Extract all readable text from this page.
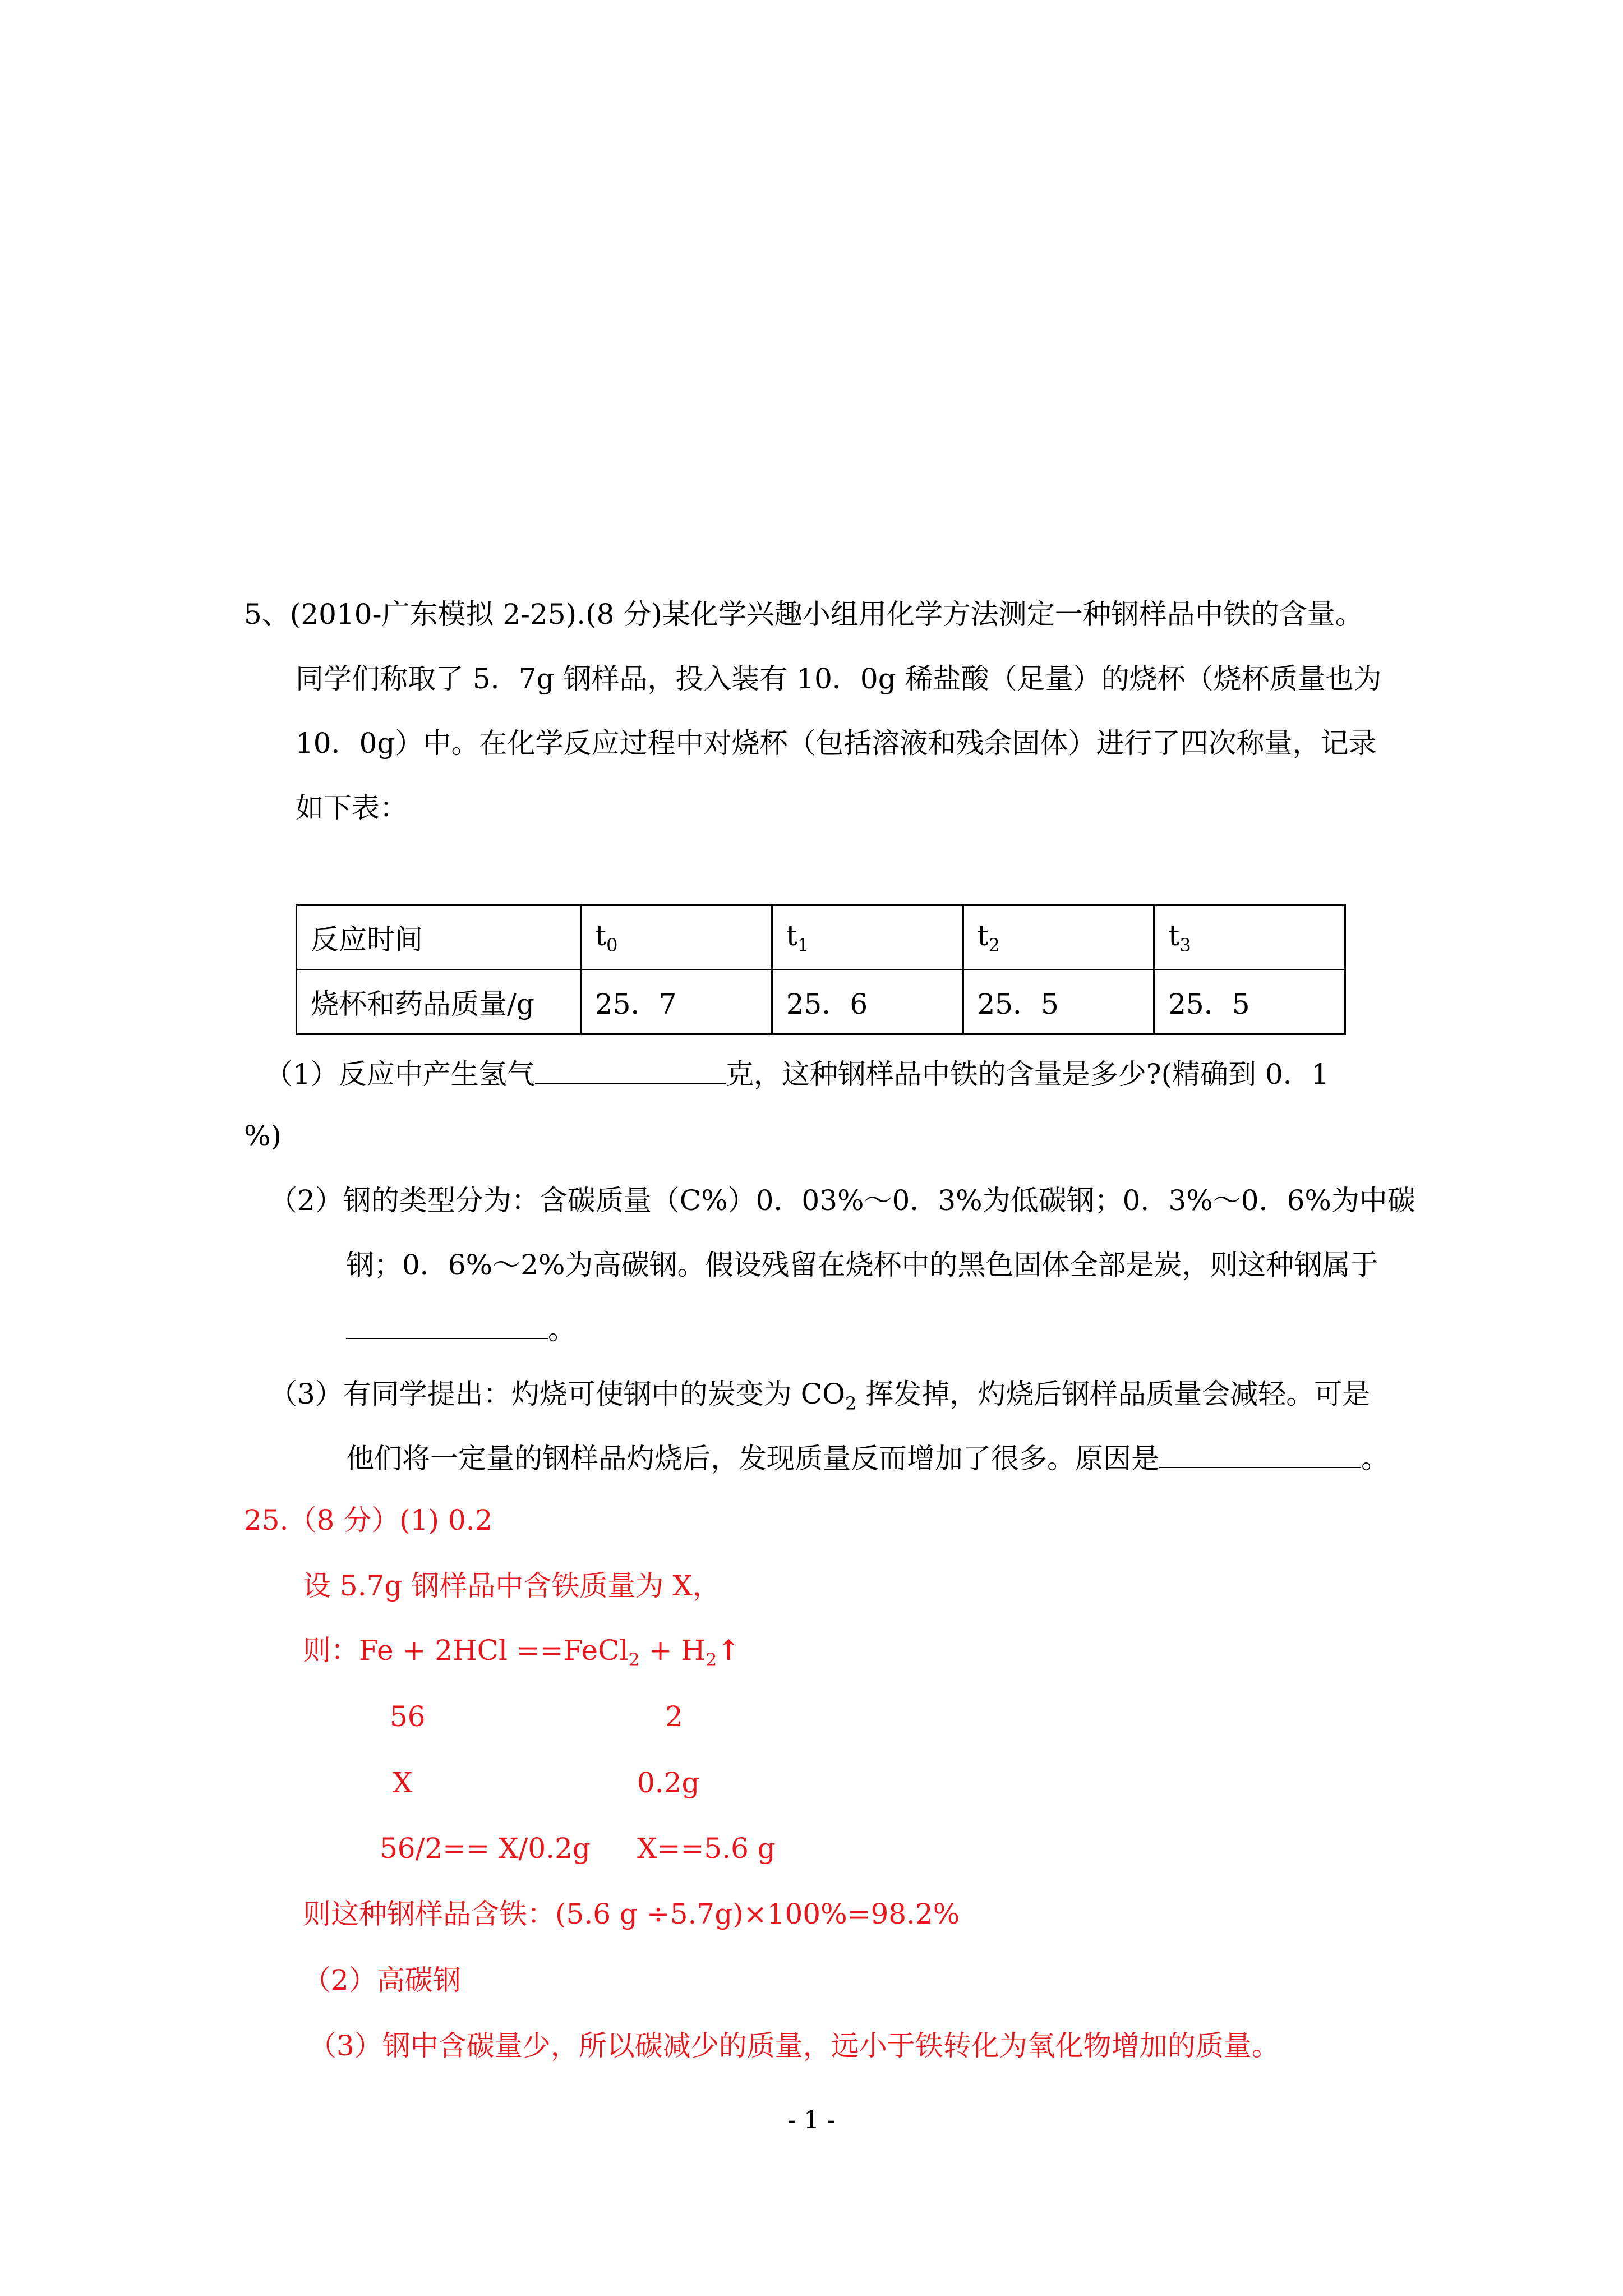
5、(2010-广东模拟 2-25).(8 分)某化学兴趣小组用化学方法测定一种钢样品中铁的含量。
同学们称取了 5．7g 钢样品，投入装有 10．0g 稀盐酸（足量）的烧杯（烧杯质量也为
10．0g）中。在化学反应过程中对烧杯（包括溶液和残余固体）进行了四次称量，记录
如下表：
反应时间	$t_0$	$t_1$	$t_2$	$t_3$
烧杯和药品质量/g	25．7	25．6	25．5	25．5
（1）反应中产生氢气	克，这种钢样品中铁的含量是多少?(精确到 0．1
%)
（2）钢的类型分为：含碳质量（C%）0．03%～0．3%为低碳钢；0．3%～0．6%为中碳
钢；0．6%～2%为高碳钢。假设残留在烧杯中的黑色固体全部是炭，则这种钢属于
。
（3）有同学提出：灼烧可使钢中的炭变为 $CO_2$ 挥发掉，灼烧后钢样品质量会减轻。可是
他们将一定量的钢样品灼烧后，发现质量反而增加了很多。原因是	。
25.（8 分）(1) 0.2
设 5.7g 钢样品中含铁质量为 X，
则：Fe + 2HCl ==FeCl$_2$ + $H_2↑$
56	2
X	0.2g
56/2== X/0.2g X==5.6 g
则这种钢样品含铁：(5.6 g ÷5.7g)×100%=98.2%
（2）高碳钢
（3）钢中含碳量少，所以碳减少的质量，远小于铁转化为氧化物增加的质量。
- 1 -
